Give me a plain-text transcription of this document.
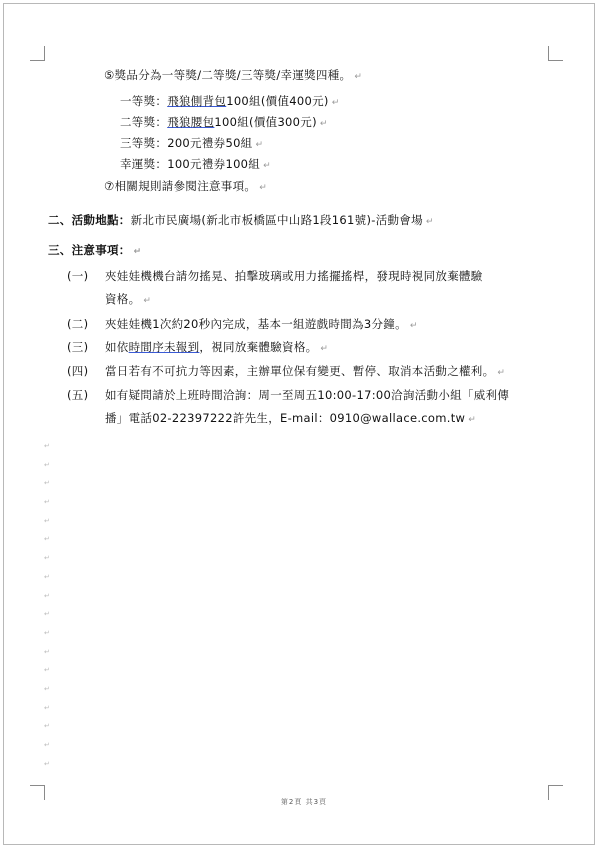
⑤獎品分為一等獎/二等獎/三等獎/幸運獎四種。 ↵
一等獎：飛狼側背包100組(價值400元) ↵
二等獎：飛狼腰包100組(價值300元) ↵
三等獎：200元禮券50組 ↵
幸運獎：100元禮券100組 ↵
⑦相關規則請參閱注意事項。 ↵
二、活動地點：新北市民廣場(新北市板橋區中山路1段161號)-活動會場 ↵
三、注意事項： ↵
(一) 夾娃娃機機台請勿搖晃、拍擊玻璃或用力搖擺搖桿，發現時視同放棄體驗
資格。 ↵
(二) 夾娃娃機1次約20秒內完成，基本一組遊戲時間為3分鐘。 ↵
(三) 如依時間序未報到，視同放棄體驗資格。 ↵
(四) 當日若有不可抗力等因素，主辦單位保有變更、暫停、取消本活動之權利。 ↵
(五) 如有疑問請於上班時間洽詢：周一至周五10:00-17:00洽詢活動小組「威利傳
播」電話02-22397222許先生，E-mail：0910@wallace.com.tw ↵
↵
↵
↵
↵
↵
↵
↵
↵
↵
↵
↵
↵
↵
↵
↵
↵
↵
↵
第2頁 共3頁
